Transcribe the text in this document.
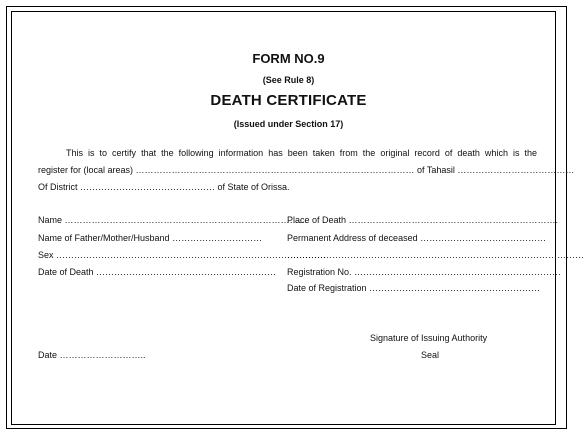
FORM NO.9
(See Rule 8)
DEATH CERTIFICATE
(Issued under Section 17)
This is to certify that the following information has been taken from the original record of death which is the
register for (local areas) ………………………………………………………………………………… of Tahasil …………………………………
Of District ……………………………………… of State of Orissa.
Name ………………………………………………………………………
Name of Father/Mother/Husband …………………………
Sex ………………………………………………………………………………
Date of Death ……………………………………………………
Place of Death …………………………………………………………….
Permanent Address of deceased ……………………………………
………………………………………………………………………………………
Registration No. ……………………………………………………………
Date of Registration …………………………………………………
Signature of Issuing Authority
Date ………………………..	Seal
